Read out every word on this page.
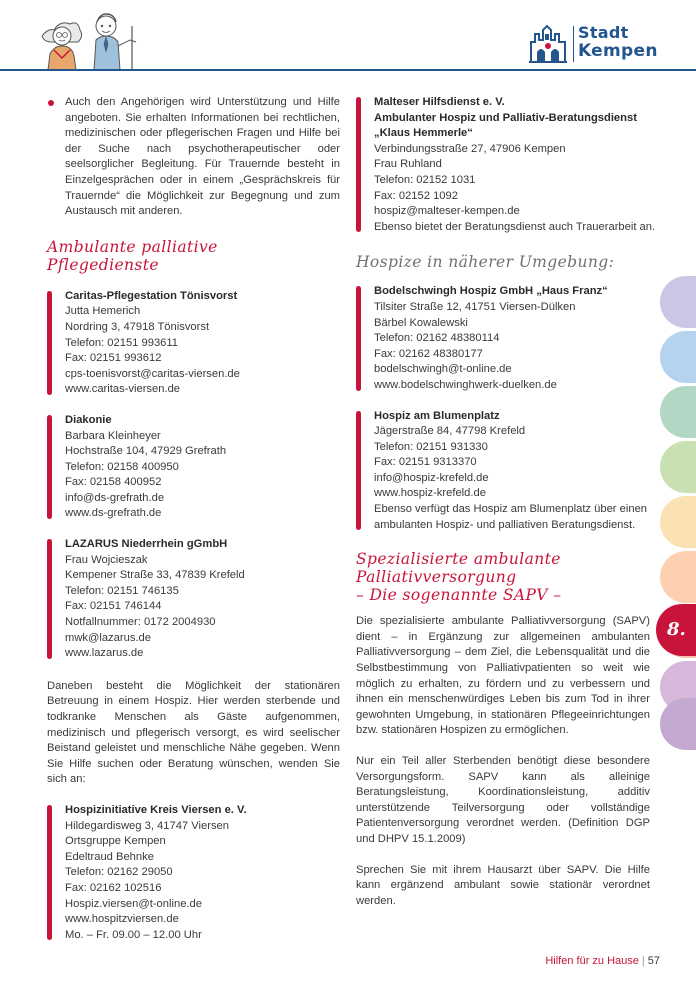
Stadt
Kempen

Auch den Angehörigen wird Unterstützung und Hilfe angeboten. Sie erhalten Informationen bei rechtlichen, medizinischen oder pflegerischen Fragen und Hilfe bei der Suche nach psychotherapeutischer oder seelsorglicher Begleitung. Für Trauernde besteht in Einzelgesprächen oder in einem „Gesprächskreis für Trauernde“ die Möglichkeit zur Begegnung und zum Austausch mit anderen.

Ambulante palliative
Pflegedienste
Caritas-Pflegestation Tönisvorst
Jutta Hemerich
Nordring 3, 47918 Tönisvorst
Telefon: 02151 993611
Fax: 02151 993612
cps-toenisvorst@caritas-viersen.de
www.caritas-viersen.de
Diakonie
Barbara Kleinheyer
Hochstraße 104, 47929 Grefrath
Telefon: 02158 400950
Fax: 02158 400952
info@ds-grefrath.de
www.ds-grefrath.de
LAZARUS Niederrhein gGmbH
Frau Wojcieszak
Kempener Straße 33, 47839 Krefeld
Telefon: 02151 746135
Fax: 02151 746144
Notfallnummer: 0172 2004930
mwk@lazarus.de
www.lazarus.de

Daneben besteht die Möglichkeit der stationären Betreuung in einem Hospiz. Hier werden sterbende und todkranke Menschen als Gäste aufgenommen, medizinisch und pflegerisch versorgt, es wird seelischer Beistand geleistet und menschliche Nähe gegeben. Wenn Sie Hilfe suchen oder Beratung wünschen, wenden Sie sich an:

Hospizinitiative Kreis Viersen e. V.
Hildegardisweg 3, 41747 Viersen
Ortsgruppe Kempen
Edeltraud Behnke
Telefon: 02162 29050
Fax: 02162 102516
Hospiz.viersen@t-online.de
www.hospitzviersen.de
Mo. – Fr. 09.00 – 12.00 Uhr
Malteser Hilfsdienst e. V.
Ambulanter Hospiz und Palliativ-Beratungsdienst
„Klaus Hemmerle“
Verbindungsstraße 27, 47906 Kempen
Frau Ruhland
Telefon: 02152 1031
Fax: 02152 1092
hospiz@malteser-kempen.de
Ebenso bietet der Beratungsdienst auch Trauerarbeit an.
Hospize in näherer Umgebung:
Bodelschwingh Hospiz GmbH „Haus Franz“
Tilsiter Straße 12, 41751 Viersen-Dülken
Bärbel Kowalewski
Telefon: 02162 48380114
Fax: 02162 48380177
bodelschwingh@t-online.de
www.bodelschwinghwerk-duelken.de
Hospiz am Blumenplatz
Jägerstraße 84, 47798 Krefeld
Telefon: 02151 931330
Fax: 02151 9313370
info@hospiz-krefeld.de
www.hospiz-krefeld.de
Ebenso verfügt das Hospiz am Blumenplatz über einen
ambulanten Hospiz- und palliativen Beratungsdienst.
Spezialisierte ambulante
Palliativversorgung
– Die sogenannte SAPV –

Die spezialisierte ambulante Palliativversorgung (SAPV) dient – in Ergänzung zur allgemeinen ambulanten Palliativversorgung – dem Ziel, die Lebensqualität und die Selbstbestimmung von Palliativpatienten so weit wie möglich zu erhalten, zu fördern und zu verbessern und ihnen ein menschenwürdiges Leben bis zum Tod in ihrer gewohnten Umgebung, in stationären Pflegeeinrichtungen bzw. stationären Hospizen zu ermöglichen.

Nur ein Teil aller Sterbenden benötigt diese besondere Versorgungsform. SAPV kann als alleinige Beratungsleistung, Koordinationsleistung, additiv unterstützende Teilversorgung oder vollständige Patientenversorgung verordnet werden. (Definition DGP und DHPV 15.1.2009)

Sprechen Sie mit ihrem Hausarzt über SAPV. Die Hilfe kann ergänzend ambulant sowie stationär verordnet werden.

8.
Hilfen für zu Hause | 57
